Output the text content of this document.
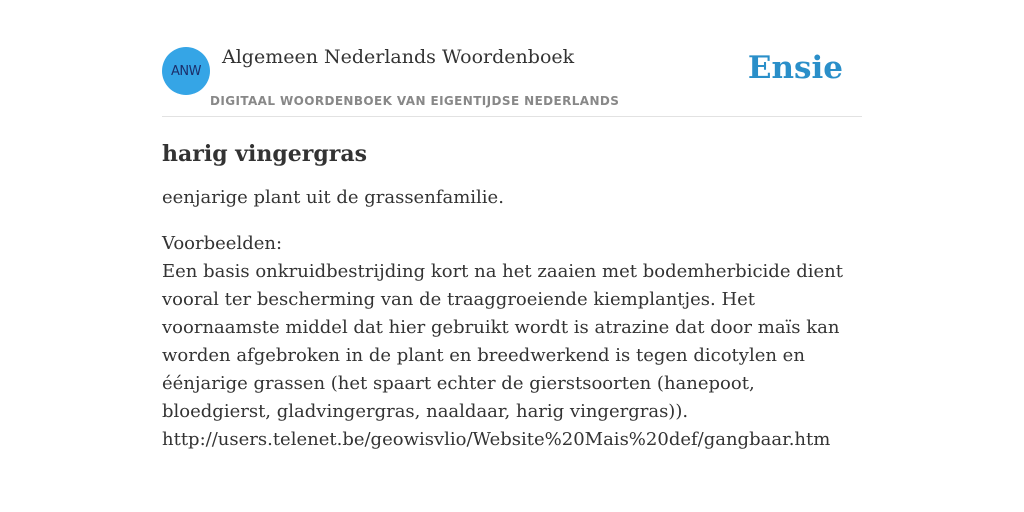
ANW
Algemeen Nederlands Woordenboek
DIGITAAL WOORDENBOEK VAN EIGENTIJDSE NEDERLANDS
Ensie
harig vingergras

eenjarige plant uit de grassenfamilie.

Voorbeelden:
Een basis onkruidbestrijding kort na het zaaien met bodemherbicide dient vooral ter bescherming van de traaggroeiende kiemplantjes. Het voornaamste middel dat hier gebruikt wordt is atrazine dat door maïs kan worden afgebroken in de plant en breedwerkend is tegen dicotylen en éénjarige grassen (het spaart echter de gierstsoorten (hanepoot, bloedgierst, gladvingergras, naaldaar, harig vingergras)).
http://users.telenet.be/geowisvlio/Website%20Mais%20def/gangbaar.htm
